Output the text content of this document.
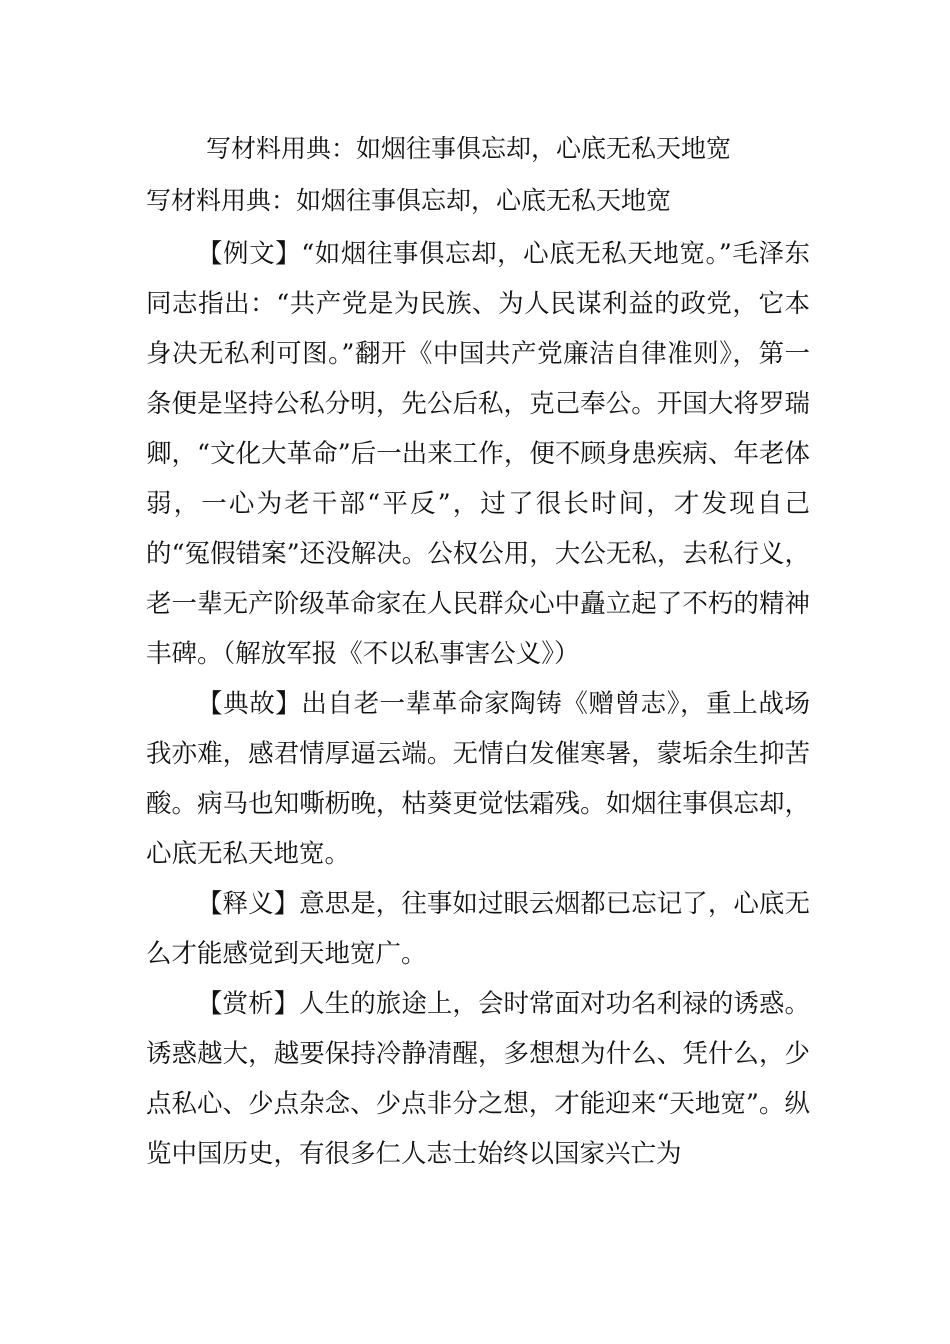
写材料用典：如烟往事俱忘却，心底无私天地宽
写材料用典：如烟往事俱忘却，心底无私天地宽

【例文】“如烟往事俱忘却，心底无私天地宽。”毛泽东同志指出：“共产党是为民族、为人民谋利益的政党，它本身决无私利可图。”翻开《中国共产党廉洁自律准则》，第一条便是坚持公私分明，先公后私，克己奉公。开国大将罗瑞卿，“文化大革命”后一出来工作，便不顾身患疾病、年老体弱，一心为老干部“平反”，过了很长时间，才发现自己的“冤假错案”还没解决。公权公用，大公无私，去私行义，老一辈无产阶级革命家在人民群众心中矗立起了不朽的精神丰碑。（解放军报《不以私事害公义》）

【典故】出自老一辈革命家陶铸《赠曾志》，重上战场我亦难，感君情厚逼云端。无情白发催寒暑，蒙垢余生抑苦酸。病马也知嘶枥晚，枯葵更觉怯霜残。如烟往事俱忘却，心底无私天地宽。

【释义】意思是，往事如过眼云烟都已忘记了，心底无么才能感觉到天地宽广。

【赏析】人生的旅途上，会时常面对功名利禄的诱惑。诱惑越大，越要保持冷静清醒，多想想为什么、凭什么，少点私心、少点杂念、少点非分之想，才能迎来“天地宽”。纵览中国历史，有很多仁人志士始终以国家兴亡为
